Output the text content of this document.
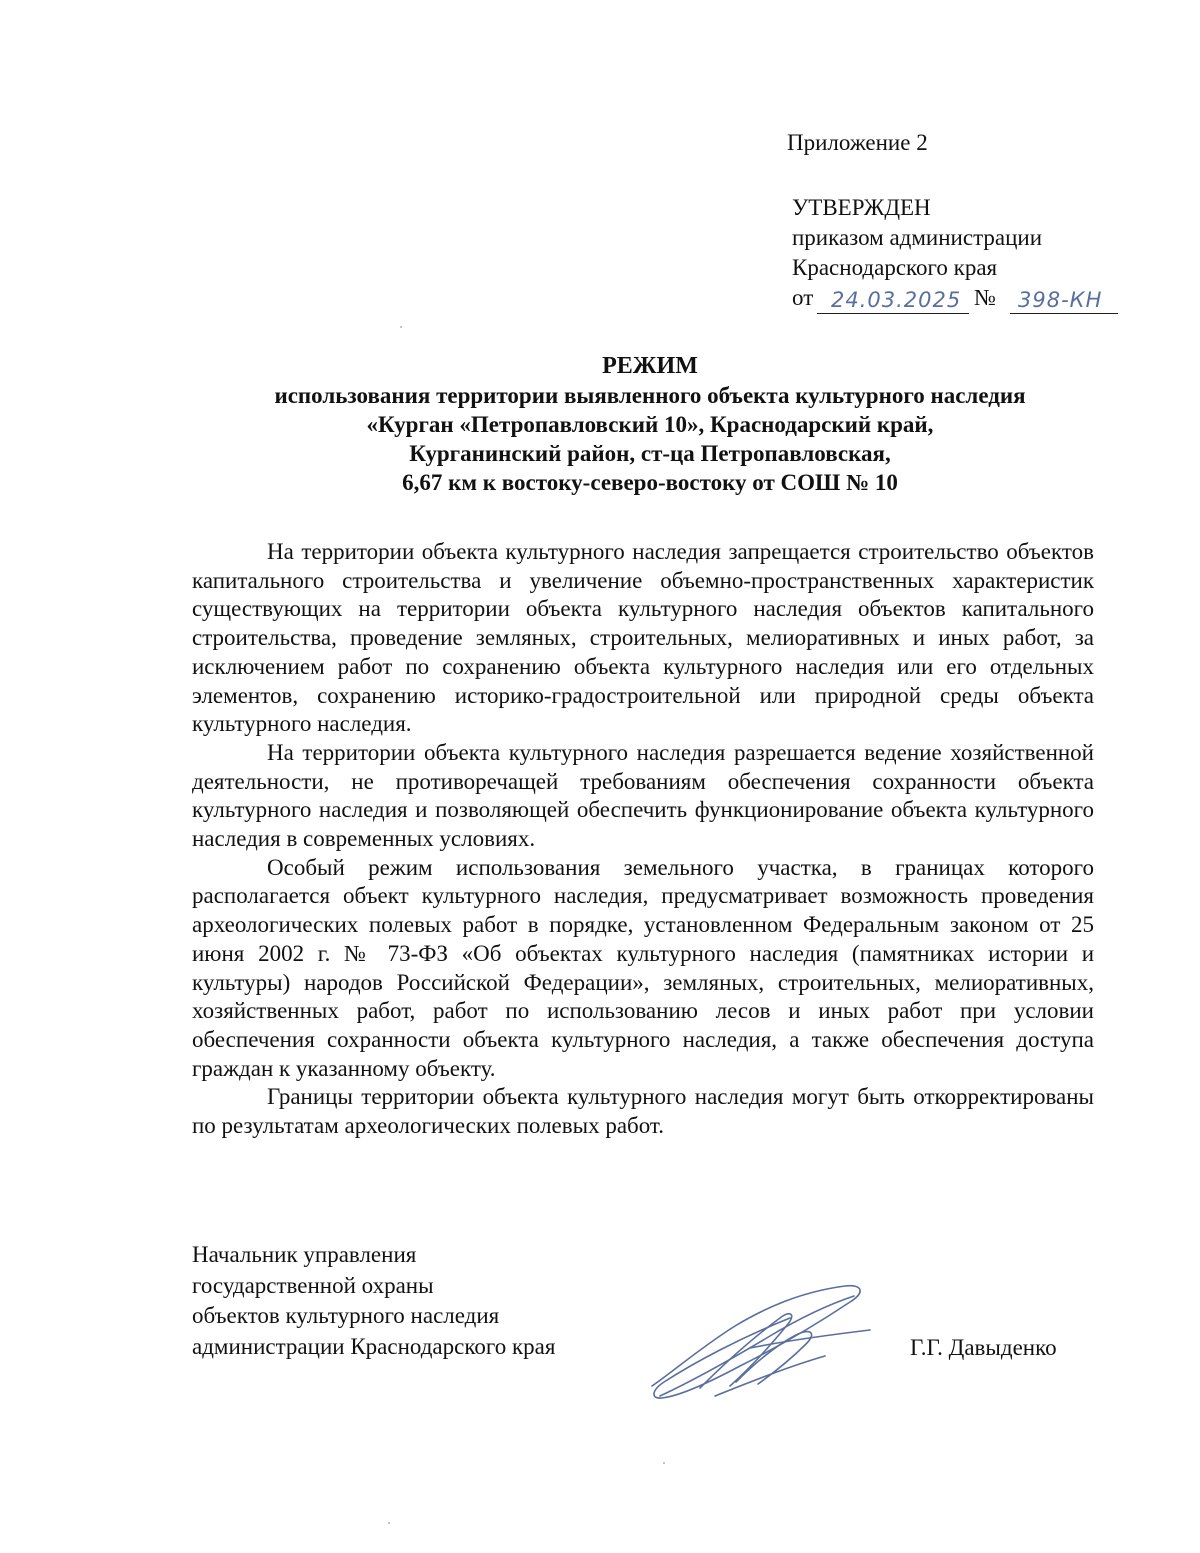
Приложение 2
УТВЕРЖДЕН
приказом администрации
Краснодарского края
от 24.03.2025 № 398-КН
РЕЖИМ
использования территории выявленного объекта культурного наследия
«Курган «Петропавловский 10», Краснодарский край,
Курганинский район, ст-ца Петропавловская,
6,67 км к востоку-северо-востоку от СОШ № 10

На территории объекта культурного наследия запрещается строительство объектов капитального строительства и увеличение объемно-пространственных характеристик существующих на территории объекта культурного наследия объектов капитального строительства, проведение земляных, строительных, мелиоративных и иных работ, за исключением работ по сохранению объекта культурного наследия или его отдельных элементов, сохранению историко-градостроительной или природной среды объекта культурного наследия.

На территории объекта культурного наследия разрешается ведение хозяйственной деятельности, не противоречащей требованиям обеспечения сохранности объекта культурного наследия и позволяющей обеспечить функционирование объекта культурного наследия в современных условиях.

Особый режим использования земельного участка, в границах которого располагается объект культурного наследия, предусматривает возможность проведения археологических полевых работ в порядке, установленном Федеральным законом от 25 июня 2002 г. № 73-ФЗ «Об объектах культурного наследия (памятниках истории и культуры) народов Российской Федерации», земляных, строительных, мелиоративных, хозяйственных работ, работ по использованию лесов и иных работ при условии обеспечения сохранности объекта культурного наследия, а также обеспечения доступа граждан к указанному объекту.

Границы территории объекта культурного наследия могут быть откорректированы по результатам археологических полевых работ.

Начальник управления
государственной охраны
объектов культурного наследия
администрации Краснодарского края	Г.Г. Давыденко
